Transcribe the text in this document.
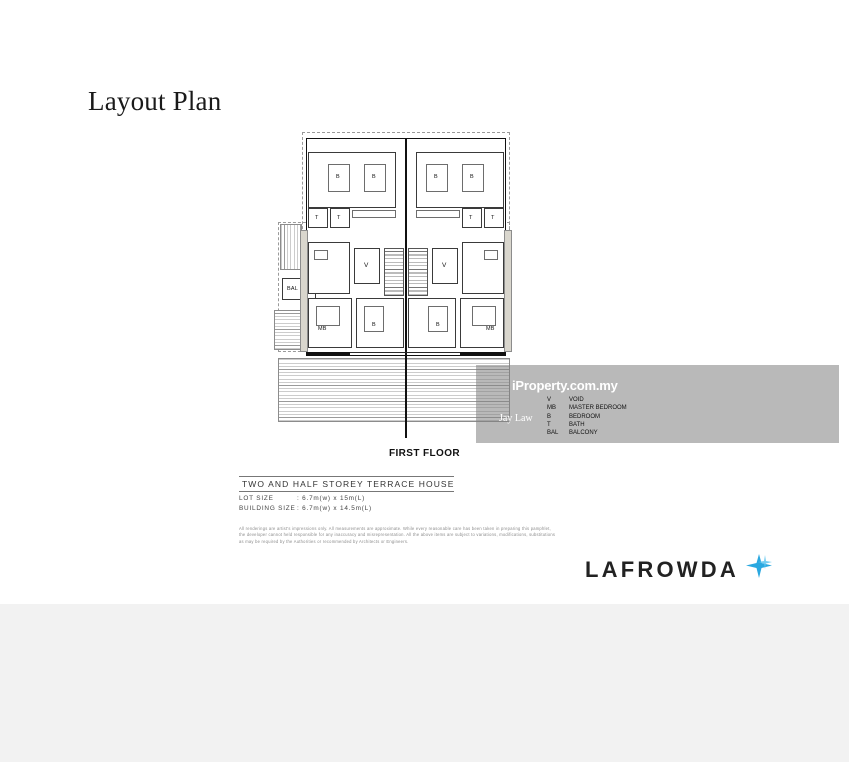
Layout Plan
B	B	B	B
T	T	T	T
V	V
BAL
MB	MB
B	B
FIRST FLOOR
TWO AND HALF STOREY TERRACE HOUSE
LOT SIZE	: 6.7m(w) x 15m(L)
BUILDING SIZE: 6.7m(w) x 14.5m(L)
All renderings are artist's impressions only. All measurements are approximate. While every reasonable care has been taken in preparing this pamphlet, the developer cannot held responsible for any inaccuracy and misrepresentation. All the above items are subject to variations, modifications, substitutions as may be required by the Authorities or recommended by Architects or Engineers.
iProperty.com.my
Jay Law
V	VOID
MB MASTER BEDROOM
B	BEDROOM
T	BATH
BAL BALCONY
LAFROWDA
